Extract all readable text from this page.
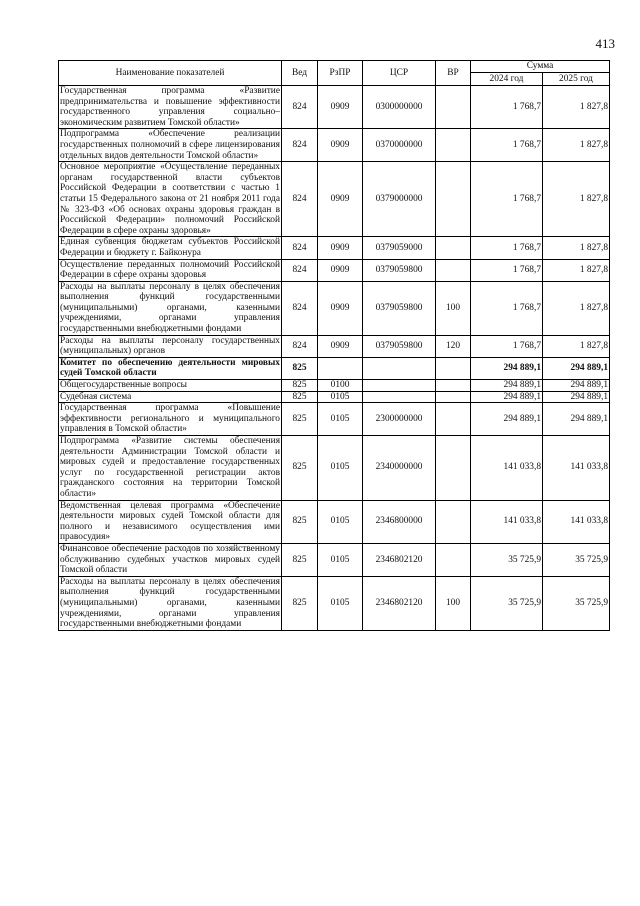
413
Наименование показателей	Вед	РзПР	ЦСР	ВР	Сумма	
					2024 год	2025 год
Государственная программа «Развитие предпринимательства и повышение эффективности государственного управления социально–экономическим развитием Томской области»	824	0909	0300000000		1 768,7	1 827,8
Подпрограмма «Обеспечение реализации государственных полномочий в сфере лицензирования отдельных видов деятельности Томской области»	824	0909	0370000000		1 768,7	1 827,8
Основное мероприятие «Осуществление переданных органам государственной власти субъектов Российской Федерации в соответствии с частью 1 статьи 15 Федерального закона от 21 ноября 2011 года № 323-ФЗ «Об основах охраны здоровья граждан в Российской Федерации» полномочий Российской Федерации в сфере охраны здоровья»	824	0909	0379000000		1 768,7	1 827,8
Единая субвенция бюджетам субъектов Российской Федерации и бюджету г. Байконура	824	0909	0379059000		1 768,7	1 827,8
Осуществление переданных полномочий Российской Федерации в сфере охраны здоровья	824	0909	0379059800		1 768,7	1 827,8
Расходы на выплаты персоналу в целях обеспечения выполнения функций государственными (муниципальными) органами, казенными учреждениями, органами управления государственными внебюджетными фондами	824	0909	0379059800	100	1 768,7	1 827,8
Расходы на выплаты персоналу государственных (муниципальных) органов	824	0909	0379059800	120	1 768,7	1 827,8
Комитет по обеспечению деятельности мировых судей Томской области	825				294 889,1	294 889,1
Общегосударственные вопросы	825	0100			294 889,1	294 889,1
Судебная система	825	0105			294 889,1	294 889,1
Государственная программа «Повышение эффективности регионального и муниципального управления в Томской области»	825	0105	2300000000		294 889,1	294 889,1
Подпрограмма «Развитие системы обеспечения деятельности Администрации Томской области и мировых судей и предоставление государственных услуг по государственной регистрации актов гражданского состояния на территории Томской области»	825	0105	2340000000		141 033,8	141 033,8
Ведомственная целевая программа «Обеспечение деятельности мировых судей Томской области для полного и независимого осуществления ими правосудия»	825	0105	2346800000		141 033,8	141 033,8
Финансовое обеспечение расходов по хозяйственному обслуживанию судебных участков мировых судей Томской области	825	0105	2346802120		35 725,9	35 725,9
Расходы на выплаты персоналу в целях обеспечения выполнения функций государственными (муниципальными) органами, казенными учреждениями, органами управления государственными внебюджетными фондами	825	0105	2346802120	100	35 725,9	35 725,9
